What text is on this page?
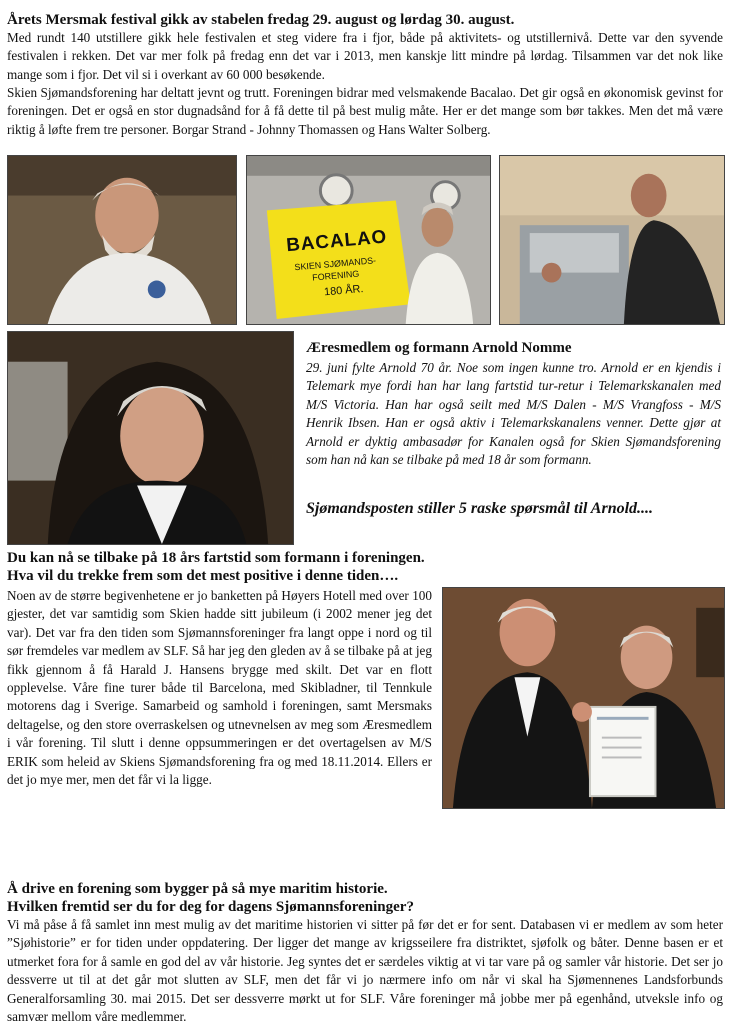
Årets Mersmak festival gikk av stabelen fredag 29. august og lørdag 30. august.
Med rundt 140 utstillere gikk hele festivalen et steg videre fra i fjor, både på aktivitets- og utstillernivå. Dette var den syvende festivalen i rekken. Det var mer folk på fredag enn det var i 2013, men kanskje litt mindre på lørdag. Tilsammen var det nok like mange som i fjor. Det vil si i overkant av 60 000 besøkende.
Skien Sjømandsforening har deltatt jevnt og trutt. Foreningen bidrar med velsmakende Bacalao. Det gir også en økonomisk gevinst for foreningen. Det er også en stor dugnadsånd for å få dette til på best mulig måte. Her er det mange som bør takkes. Men det må være riktig å løfte frem tre personer. Borgar Strand - Johnny Thomassen og Hans Walter Solberg.
BACALAO
SKIEN SJØMANDS-
FORENING
180 ÅR.
Æresmedlem og formann Arnold Nomme
29. juni fylte Arnold 70 år. Noe som ingen kunne tro. Arnold er en kjendis i Telemark mye fordi han har lang fartstid tur-retur i Telemarkskanalen med M/S Victoria. Han har også seilt med M/S Dalen - M/S Vrangfoss - M/S Henrik Ibsen. Han er også aktiv i Telemarkskanalens venner. Dette gjør at Arnold er dyktig ambasadør for Kanalen også for Skien Sjømandsforening som han nå kan se tilbake på med 18 år som formann.
Sjømandsposten stiller 5 raske spørsmål til Arnold....
Du kan nå se tilbake på 18 års fartstid som formann i foreningen.
Hva vil du trekke frem som det mest positive i denne tiden….
Noen av de større begivenhetene er jo banketten på Høyers Hotell med over 100 gjester, det var samtidig som Skien hadde sitt jubileum (i 2002 mener jeg det var). Det var fra den tiden som Sjømannsforeninger fra langt oppe i nord og til sør fremdeles var medlem av SLF. Så har jeg den gleden av å se tilbake på at jeg fikk gjennom å få Harald J. Hansens brygge med skilt. Det var en flott opplevelse. Våre fine turer både til Barcelona, med Skibladner, til Tennkule motorens dag i Sverige. Samarbeid og samhold i foreningen, samt Mersmaks deltagelse, og den store overraskelsen og utnevnelsen av meg som Æresmedlem i vår forening. Til slutt i denne oppsummeringen er det overtagelsen av M/S ERIK som heleid av Skiens Sjømandsforening fra og med 18.11.2014. Ellers er det jo mye mer, men det får vi la ligge.
Å drive en forening som bygger på så mye maritim historie.
Hvilken fremtid ser du for deg for dagens Sjømannsforeninger?
Vi må påse å få samlet inn mest mulig av det maritime historien vi sitter på før det er for sent. Databasen vi er medlem av som heter ”Sjøhistorie” er for tiden under oppdatering. Der ligger det mange av krigsseilere fra distriktet, sjøfolk og båter. Denne basen er et utmerket fora for å samle en god del av vår historie. Jeg syntes det er særdeles viktig at vi tar vare på og samler vår historie. Det ser jo dessverre ut til at det går mot slutten av SLF, men det får vi jo nærmere info om når vi skal ha Sjømennenes Landsforbunds Generalforsamling 30. mai 2015. Det ser dessverre mørkt ut for SLF. Våre foreninger må jobbe mer på egenhånd, utveksle info og samvær mellom våre medlemmer.
